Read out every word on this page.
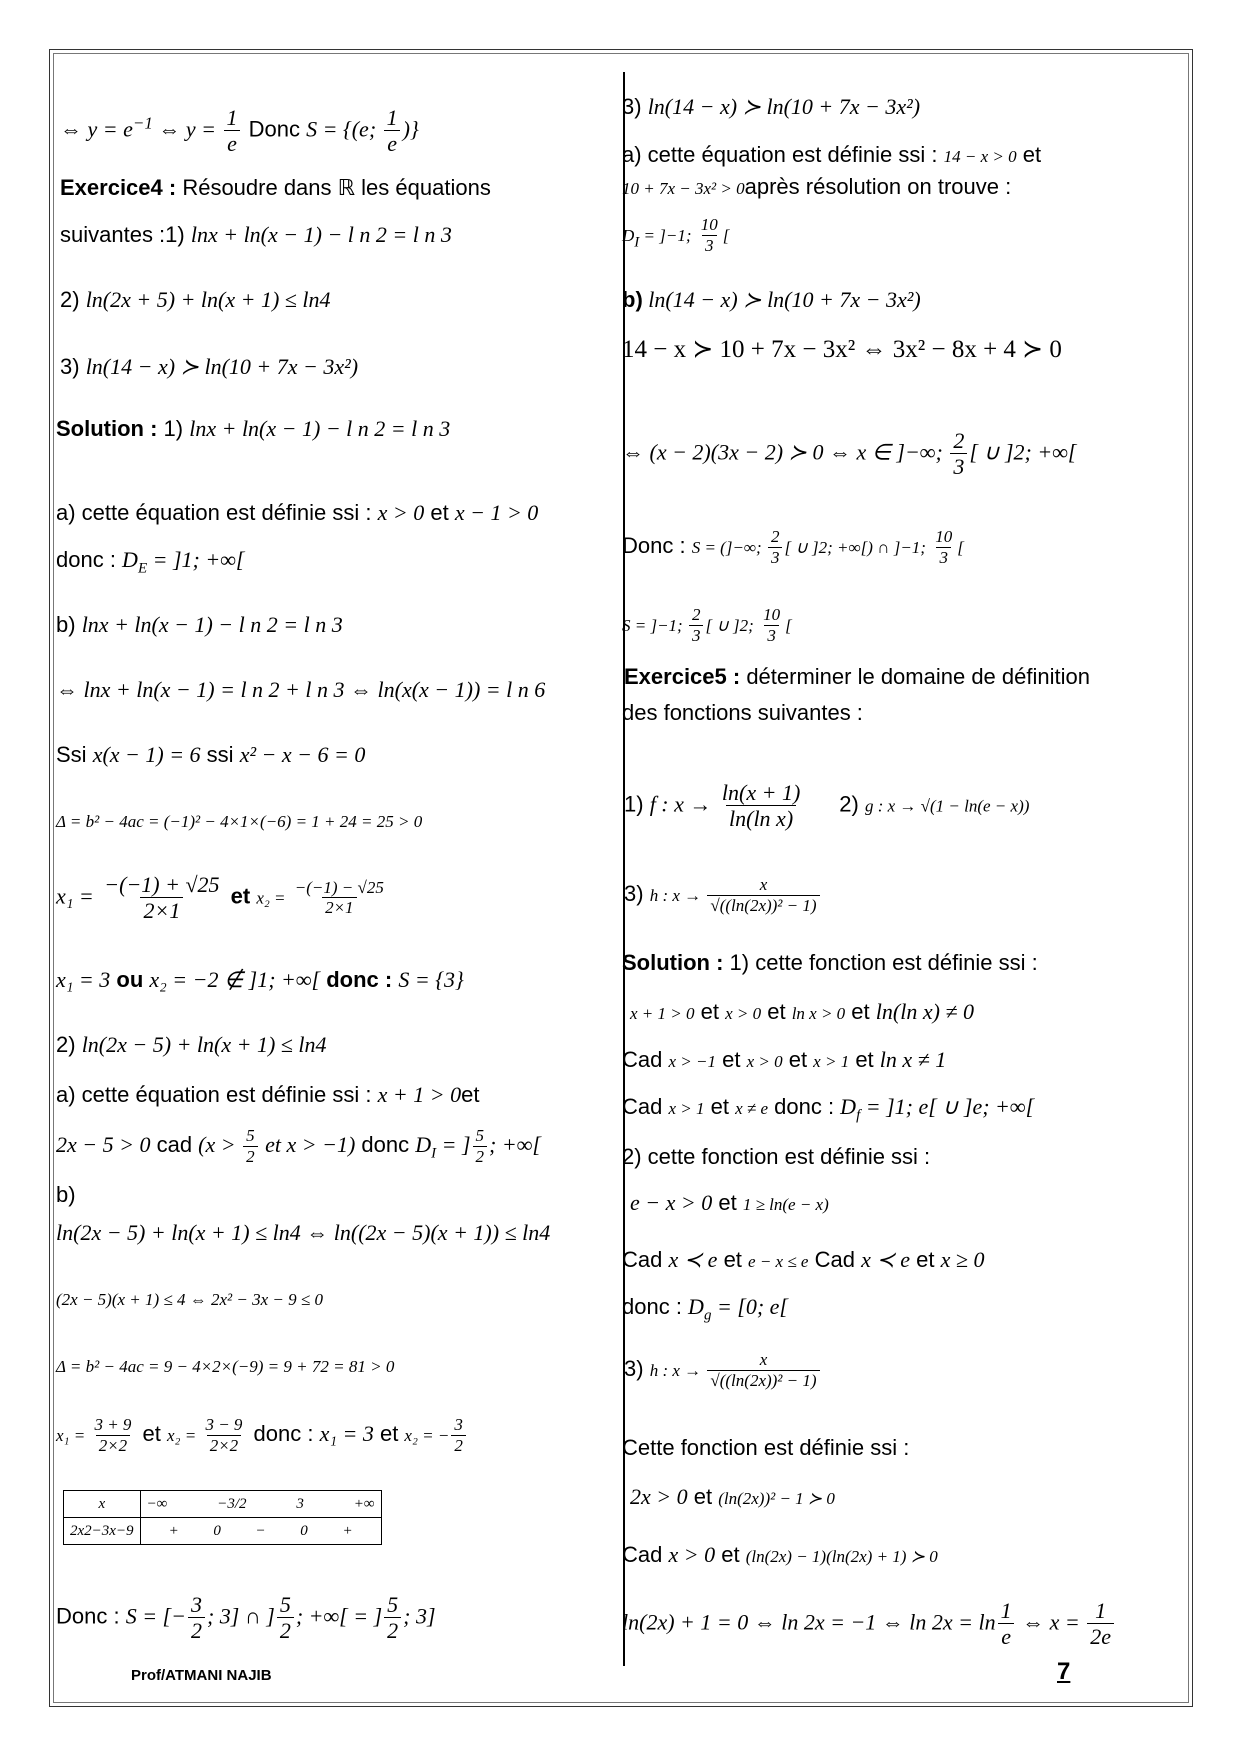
⇔ $y = e^{-1}$ ⇔ $y = \frac{1}{e}$ Donc S = {(e; $\frac{1}{e}$ )}
Exercice4 : Résoudre dans ℝ les équations
suivantes :1) lnx + ln(x − 1) − l n 2 = l n 3
2) ln(2x + 5) + ln(x + 1) ≤ ln4
3) ln(14 − x) ≻ ln(10 + 7x − 3x²)
Solution : 1) lnx + ln(x − 1) − l n 2 = l n 3
a) cette équation est définie ssi : x > 0 et x − 1 > 0
donc : $D_E = ]1$; +∞[
b) lnx + ln(x − 1) − l n 2 = l n 3
⇔ lnx + ln(x − 1) = l n 2 + l n 3 ⇔ ln(x(x − 1)) = l n 6
Ssi x(x − 1) = 6 ssi x² − x − 6 = 0
Δ = b² − 4ac = (−1)² − 4×1×(−6) = 1 + 24 = 25 > 0
$x_1 = \frac{-(-1) + √25}{2\times 1}$ et $x_2 = \frac{-(-1) - √25}{2\times 1}$
x₁ = 3 ou x₂ = −2 ∉ ]1; +∞[ donc : S = {3}
2) ln(2x − 5) + ln(x + 1) ≤ ln4
a) cette équation est définie ssi : x + 1 > 0et
2x − 5 > 0 cad ($x > \frac{5}{2}$ et x > −1) donc $D_I$ = ] $\frac{5}{2}$ ; +∞[
b)
ln(2x − 5) + ln(x + 1) ≤ ln4 ⇔ ln((2x − 5)(x + 1)) ≤ ln4
(2x − 5)(x + 1) ≤ 4 ⇔ 2x² − 3x − 9 ≤ 0
Δ = b² − 4ac = 9 − 4×2×(−9) = 9 + 72 = 81 > 0
$x_1 = \frac{3 + 9}{2\times 2}$ et $x_2 = \frac{3 - 9}{2\times 2}$ donc : x₁ = 3 et x₂ = − $\frac{3}{2}$
x	−∞ −3/2 3 +∞

2x2−3x−9	+ 0 − 0 +
Donc : S = [− $\frac{3}{2}$ ; 3] ∩ ] $\frac{5}{2}$ ; +∞[ = ] $\frac{5}{2}$ ; 3]
3) ln(14 − x) ≻ ln(10 + 7x − 3x²)
a) cette équation est définie ssi : 14 − x > 0 et
10 + 7x − 3x² > 0après résolution on trouve :
$D_I = ]-1$; $\frac{10}{3}$ [
b) ln(14 − x) ≻ ln(10 + 7x − 3x²)
14 − x ≻ 10 + 7x − 3x² ⇔ 3x² − 8x + 4 ≻ 0
⇔ (x − 2)(3x − 2) ≻ 0 ⇔ x ∈ ]−∞; $\frac{2}{3}$ [ ∪ ]2; +∞[
Donc : S = (]−∞; $\frac{2}{3}$ [ ∪ ]2; +∞[) ∩ ]−1; $\frac{10}{3}$ [
S = ]−1; $\frac{2}{3}$ [ ∪ ]2; $\frac{10}{3}$ [
Exercice5 : déterminer le domaine de définition
des fonctions suivantes :
1) f : $x \to \frac{\ln(x + 1)}{\text{ln(ln x)}} 2$) g : x → √(1 − ln(e − x))
3) h : $x \to \frac{x}{\text{√((ln(2x))² − 1)}}$
Solution : 1) cette fonction est définie ssi :
x + 1 > 0 et x > 0 et ln x > 0 et ln(ln x) ≠ 0
Cad x > −1 et x > 0 et x > 1 et ln x ≠ 1
Cad x > 1 et x ≠ e donc : $D_f = ]1$; e[ ∪ ]e; +∞[
2) cette fonction est définie ssi :
e − x > 0 et 1 ≥ ln(e − x)
Cad x ≺ e et e − x ≤ e Cad x ≺ e et x ≥ 0
donc : $D_g = [0$; e[
3) h : $x \to \frac{x}{\text{√((ln(2x))² − 1)}}$
Cette fonction est définie ssi :
2x > 0 et (ln(2x))² − 1 ≻ 0
Cad x > 0 et (ln(2x) − 1)(ln(2x) + 1) ≻ 0
ln(2x) + 1 = 0 ⇔ ln 2x = −1 ⇔ $\ln 2x = \ln \frac{1}{e}$ ⇔ $x = \frac{1}{2e}$
Prof/ATMANI NAJIB	7
